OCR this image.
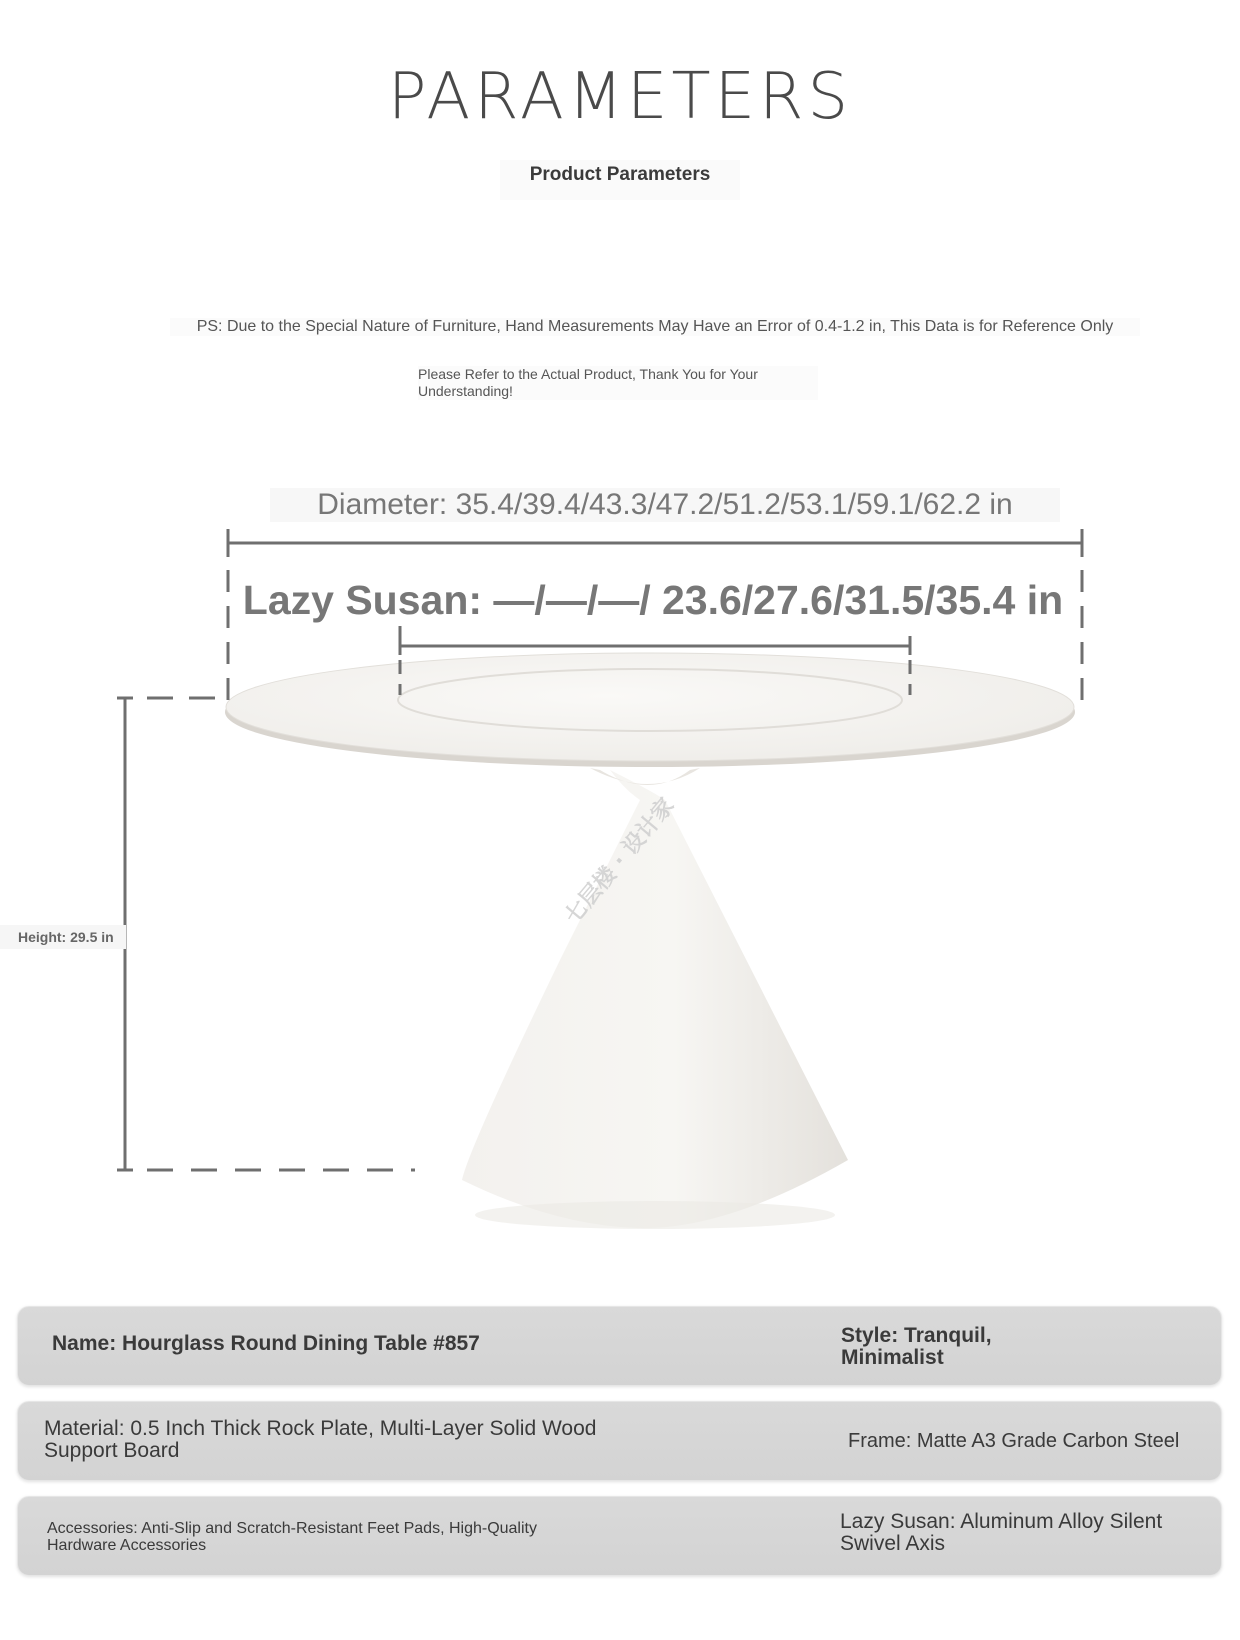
PARAMETERS
Product Parameters
PS: Due to the Special Nature of Furniture, Hand Measurements May Have an Error of 0.4-1.2 in, This Data is for Reference Only
Please Refer to the Actual Product, Thank You for Your Understanding!
七层楼 · 设计家
Diameter: 35.4/39.4/43.3/47.2/51.2/53.1/59.1/62.2 in
Lazy Susan: —/—/—/ 23.6/27.6/31.5/35.4 in
Height: 29.5 in
Name: Hourglass Round Dining Table #857	Style: Tranquil, Minimalist
Material: 0.5 Inch Thick Rock Plate, Multi-Layer Solid Wood Support Board	Frame: Matte A3 Grade Carbon Steel
Accessories: Anti-Slip and Scratch-Resistant Feet Pads, High-Quality Hardware Accessories
Lazy Susan: Aluminum Alloy Silent Swivel Axis
